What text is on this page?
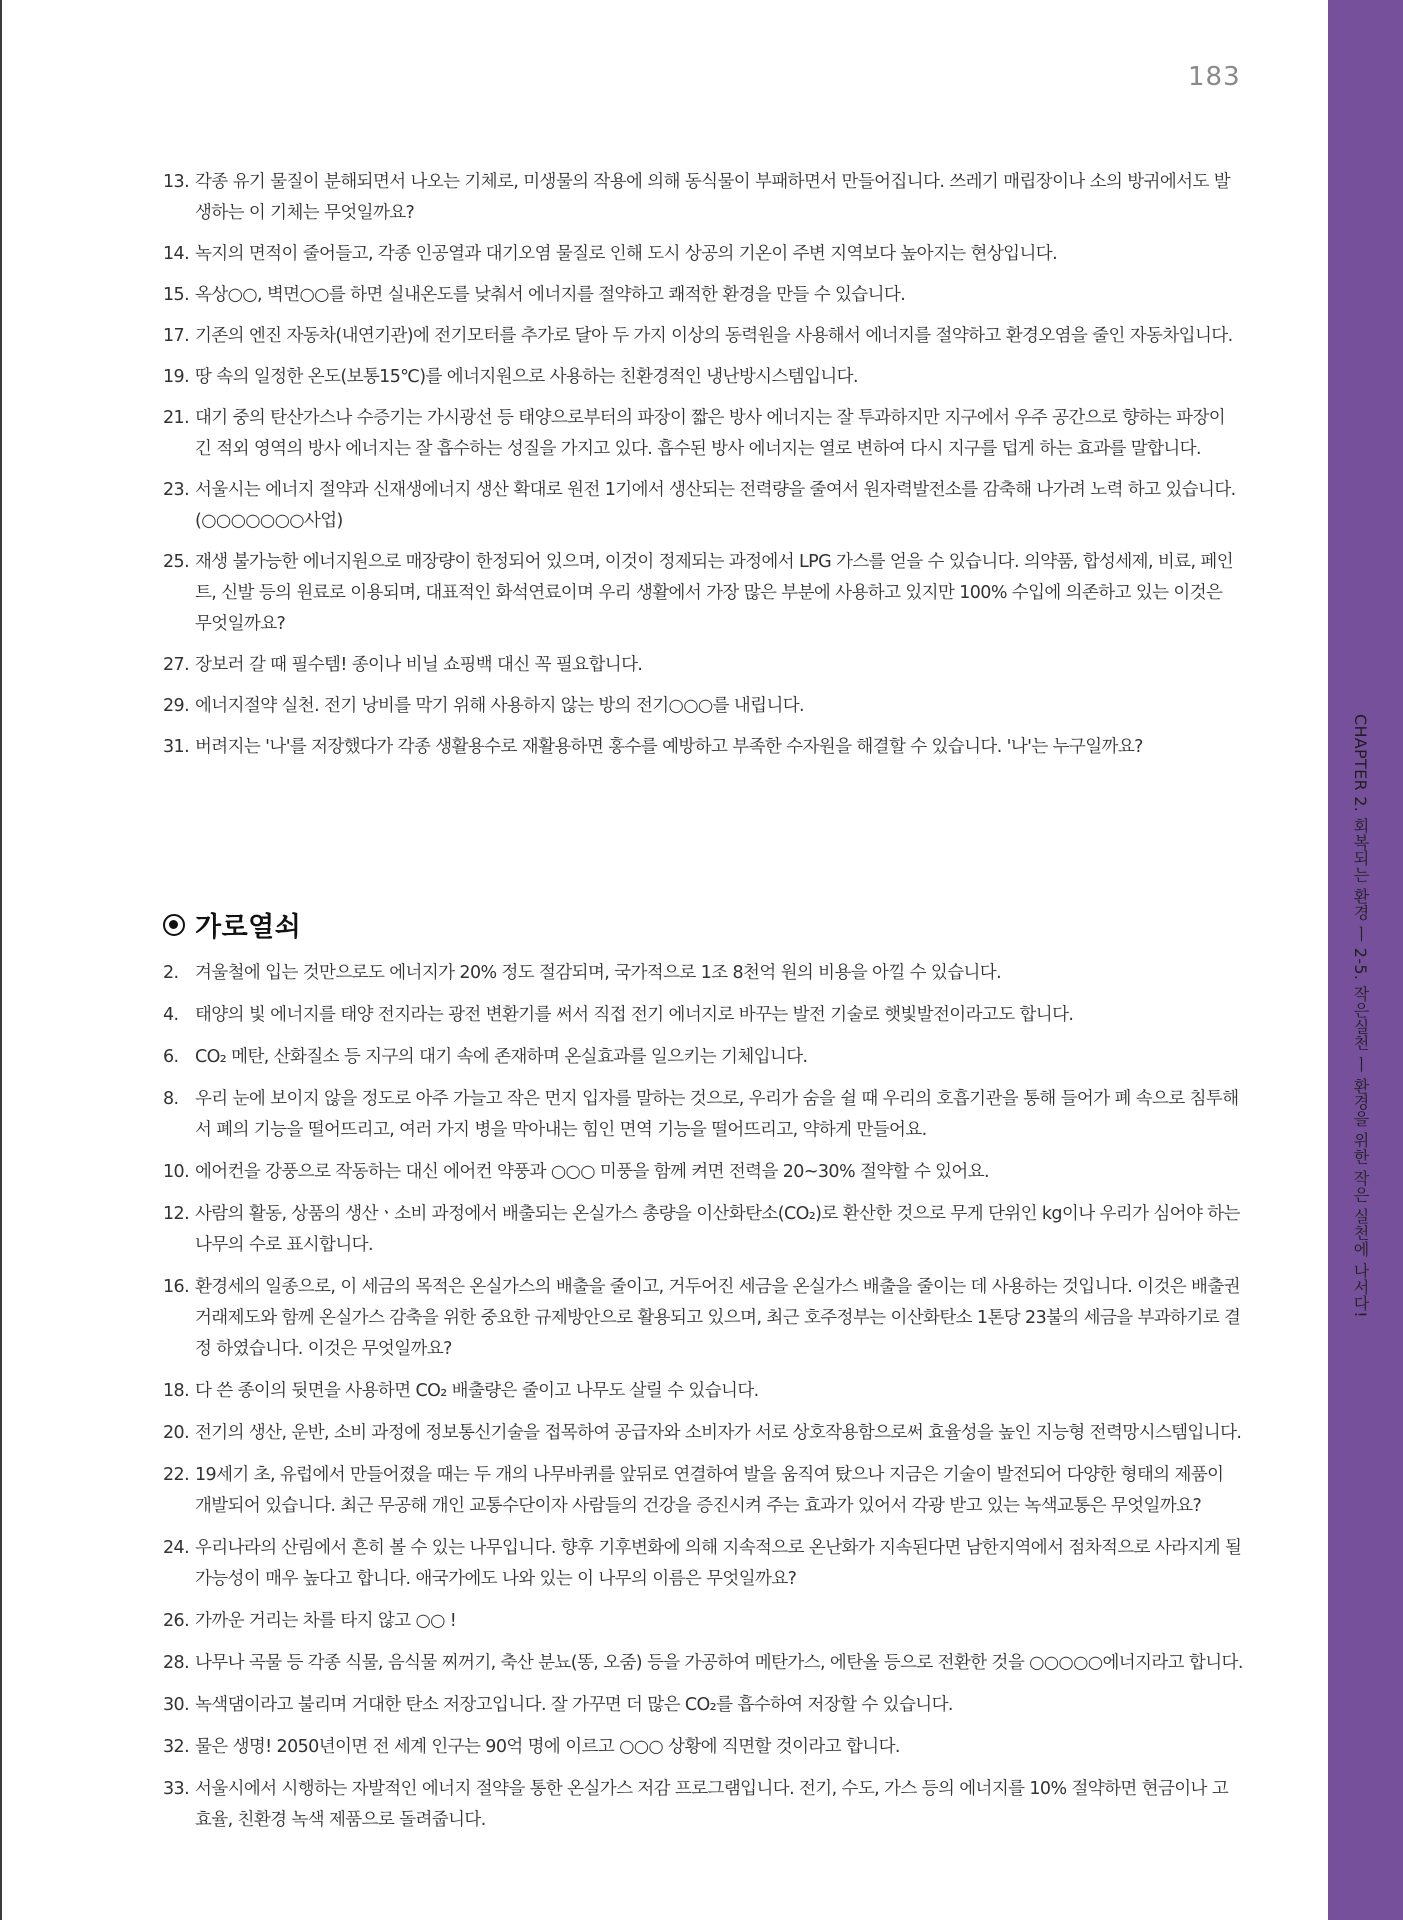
CHAPTER 2. 회복되는 환경 ㅣ 2-5. 작은실천 ㅣ 환경을 위한 작은 실천에 나서다!
183

13. 각종 유기 물질이 분해되면서 나오는 기체로, 미생물의 작용에 의해 동식물이 부패하면서 만들어집니다. 쓰레기 매립장이나 소의 방귀에서도 발생하는 이 기체는 무엇일까요?

14. 녹지의 면적이 줄어들고, 각종 인공열과 대기오염 물질로 인해 도시 상공의 기온이 주변 지역보다 높아지는 현상입니다.

15. 옥상○○, 벽면○○를 하면 실내온도를 낮춰서 에너지를 절약하고 쾌적한 환경을 만들 수 있습니다.

17. 기존의 엔진 자동차(내연기관)에 전기모터를 추가로 달아 두 가지 이상의 동력원을 사용해서 에너지를 절약하고 환경오염을 줄인 자동차입니다.

19. 땅 속의 일정한 온도(보통15℃)를 에너지원으로 사용하는 친환경적인 냉난방시스템입니다.

21. 대기 중의 탄산가스나 수증기는 가시광선 등 태양으로부터의 파장이 짧은 방사 에너지는 잘 투과하지만 지구에서 우주 공간으로 향하는 파장이 긴 적외 영역의 방사 에너지는 잘 흡수하는 성질을 가지고 있다. 흡수된 방사 에너지는 열로 변하여 다시 지구를 덥게 하는 효과를 말합니다.

23. 서울시는 에너지 절약과 신재생에너지 생산 확대로 원전 1기에서 생산되는 전력량을 줄여서 원자력발전소를 감축해 나가려 노력 하고 있습니다. (○○○○○○○사업)

25. 재생 불가능한 에너지원으로 매장량이 한정되어 있으며, 이것이 정제되는 과정에서 LPG 가스를 얻을 수 있습니다. 의약품, 합성세제, 비료, 페인트, 신발 등의 원료로 이용되며, 대표적인 화석연료이며 우리 생활에서 가장 많은 부분에 사용하고 있지만 100% 수입에 의존하고 있는 이것은 무엇일까요?

27. 장보러 갈 때 필수템! 종이나 비닐 쇼핑백 대신 꼭 필요합니다.

29. 에너지절약 실천. 전기 낭비를 막기 위해 사용하지 않는 방의 전기○○○를 내립니다.

31. 버려지는 '나'를 저장했다가 각종 생활용수로 재활용하면 홍수를 예방하고 부족한 수자원을 해결할 수 있습니다. '나'는 누구일까요?

가로열쇠

2. 겨울철에 입는 것만으로도 에너지가 20% 정도 절감되며, 국가적으로 1조 8천억 원의 비용을 아낄 수 있습니다.

4. 태양의 빛 에너지를 태양 전지라는 광전 변환기를 써서 직접 전기 에너지로 바꾸는 발전 기술로 햇빛발전이라고도 합니다.

6. CO₂ 메탄, 산화질소 등 지구의 대기 속에 존재하며 온실효과를 일으키는 기체입니다.

8. 우리 눈에 보이지 않을 정도로 아주 가늘고 작은 먼지 입자를 말하는 것으로, 우리가 숨을 쉴 때 우리의 호흡기관을 통해 들어가 폐 속으로 침투해서 폐의 기능을 떨어뜨리고, 여러 가지 병을 막아내는 힘인 면역 기능을 떨어뜨리고, 약하게 만들어요.

10. 에어컨을 강풍으로 작동하는 대신 에어컨 약풍과 ○○○ 미풍을 함께 켜면 전력을 20~30% 절약할 수 있어요.

12. 사람의 활동, 상품의 생산ㆍ소비 과정에서 배출되는 온실가스 총량을 이산화탄소(CO₂)로 환산한 것으로 무게 단위인 kg이나 우리가 심어야 하는 나무의 수로 표시합니다.

16. 환경세의 일종으로, 이 세금의 목적은 온실가스의 배출을 줄이고, 거두어진 세금을 온실가스 배출을 줄이는 데 사용하는 것입니다. 이것은 배출권거래제도와 함께 온실가스 감축을 위한 중요한 규제방안으로 활용되고 있으며, 최근 호주정부는 이산화탄소 1톤당 23불의 세금을 부과하기로 결정 하였습니다. 이것은 무엇일까요?

18. 다 쓴 종이의 뒷면을 사용하면 CO₂ 배출량은 줄이고 나무도 살릴 수 있습니다.

20. 전기의 생산, 운반, 소비 과정에 정보통신기술을 접목하여 공급자와 소비자가 서로 상호작용함으로써 효율성을 높인 지능형 전력망시스템입니다.

22. 19세기 초, 유럽에서 만들어졌을 때는 두 개의 나무바퀴를 앞뒤로 연결하여 발을 움직여 탔으나 지금은 기술이 발전되어 다양한 형태의 제품이 개발되어 있습니다. 최근 무공해 개인 교통수단이자 사람들의 건강을 증진시켜 주는 효과가 있어서 각광 받고 있는 녹색교통은 무엇일까요?

24. 우리나라의 산림에서 흔히 볼 수 있는 나무입니다. 향후 기후변화에 의해 지속적으로 온난화가 지속된다면 남한지역에서 점차적으로 사라지게 될 가능성이 매우 높다고 합니다. 애국가에도 나와 있는 이 나무의 이름은 무엇일까요?

26. 가까운 거리는 차를 타지 않고 ○○ !

28. 나무나 곡물 등 각종 식물, 음식물 찌꺼기, 축산 분뇨(똥, 오줌) 등을 가공하여 메탄가스, 에탄올 등으로 전환한 것을 ○○○○○에너지라고 합니다.

30. 녹색댐이라고 불리며 거대한 탄소 저장고입니다. 잘 가꾸면 더 많은 CO₂를 흡수하여 저장할 수 있습니다.

32. 물은 생명! 2050년이면 전 세계 인구는 90억 명에 이르고 ○○○ 상황에 직면할 것이라고 합니다.

33. 서울시에서 시행하는 자발적인 에너지 절약을 통한 온실가스 저감 프로그램입니다. 전기, 수도, 가스 등의 에너지를 10% 절약하면 현금이나 고효율, 친환경 녹색 제품으로 돌려줍니다.
